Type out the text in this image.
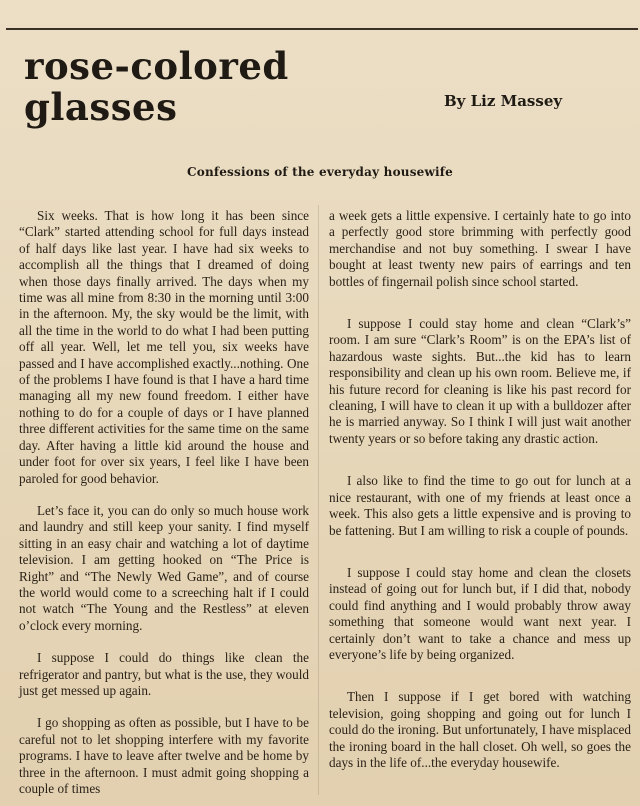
rose-colored
glasses	By Liz Massey
Confessions of the everyday housewife

Six weeks. That is how long it has been since “Clark” started attending school for full days instead of half days like last year. I have had six weeks to accomplish all the things that I dreamed of doing when those days finally arrived. The days when my time was all mine from 8:30 in the morning until 3:00 in the afternoon. My, the sky would be the limit, with all the time in the world to do what I had been putting off all year. Well, let me tell you, six weeks have passed and I have accomplished exactly...nothing. One of the problems I have found is that I have a hard time managing all my new found freedom. I either have nothing to do for a couple of days or I have planned three different activities for the same time on the same day. After having a little kid around the house and under foot for over six years, I feel like I have been paroled for good behavior.

Let’s face it, you can do only so much house work and laundry and still keep your sanity. I find myself sitting in an easy chair and watching a lot of daytime television. I am getting hooked on “The Price is Right” and “The Newly Wed Game”, and of course the world would come to a screeching halt if I could not watch “The Young and the Restless” at eleven o’clock every morning.

I suppose I could do things like clean the refrigerator and pantry, but what is the use, they would just get messed up again.

I go shopping as often as possible, but I have to be careful not to let shopping interfere with my favorite programs. I have to leave after twelve and be home by three in the afternoon. I must admit going shopping a couple of times

a week gets a little expensive. I certainly hate to go into a perfectly good store brimming with perfectly good merchandise and not buy something. I swear I have bought at least twenty new pairs of earrings and ten bottles of fingernail polish since school started.

I suppose I could stay home and clean “Clark’s” room. I am sure “Clark’s Room” is on the EPA’s list of hazardous waste sights. But...the kid has to learn responsibility and clean up his own room. Believe me, if his future record for cleaning is like his past record for cleaning, I will have to clean it up with a bulldozer after he is married anyway. So I think I will just wait another twenty years or so before taking any drastic action.

I also like to find the time to go out for lunch at a nice restaurant, with one of my friends at least once a week. This also gets a little expensive and is proving to be fattening. But I am willing to risk a couple of pounds.

I suppose I could stay home and clean the closets instead of going out for lunch but, if I did that, nobody could find anything and I would probably throw away something that someone would want next year. I certainly don’t want to take a chance and mess up everyone’s life by being organized.

Then I suppose if I get bored with watching television, going shopping and going out for lunch I could do the ironing. But unfortunately, I have misplaced the ironing board in the hall closet. Oh well, so goes the days in the life of...the everyday housewife.
